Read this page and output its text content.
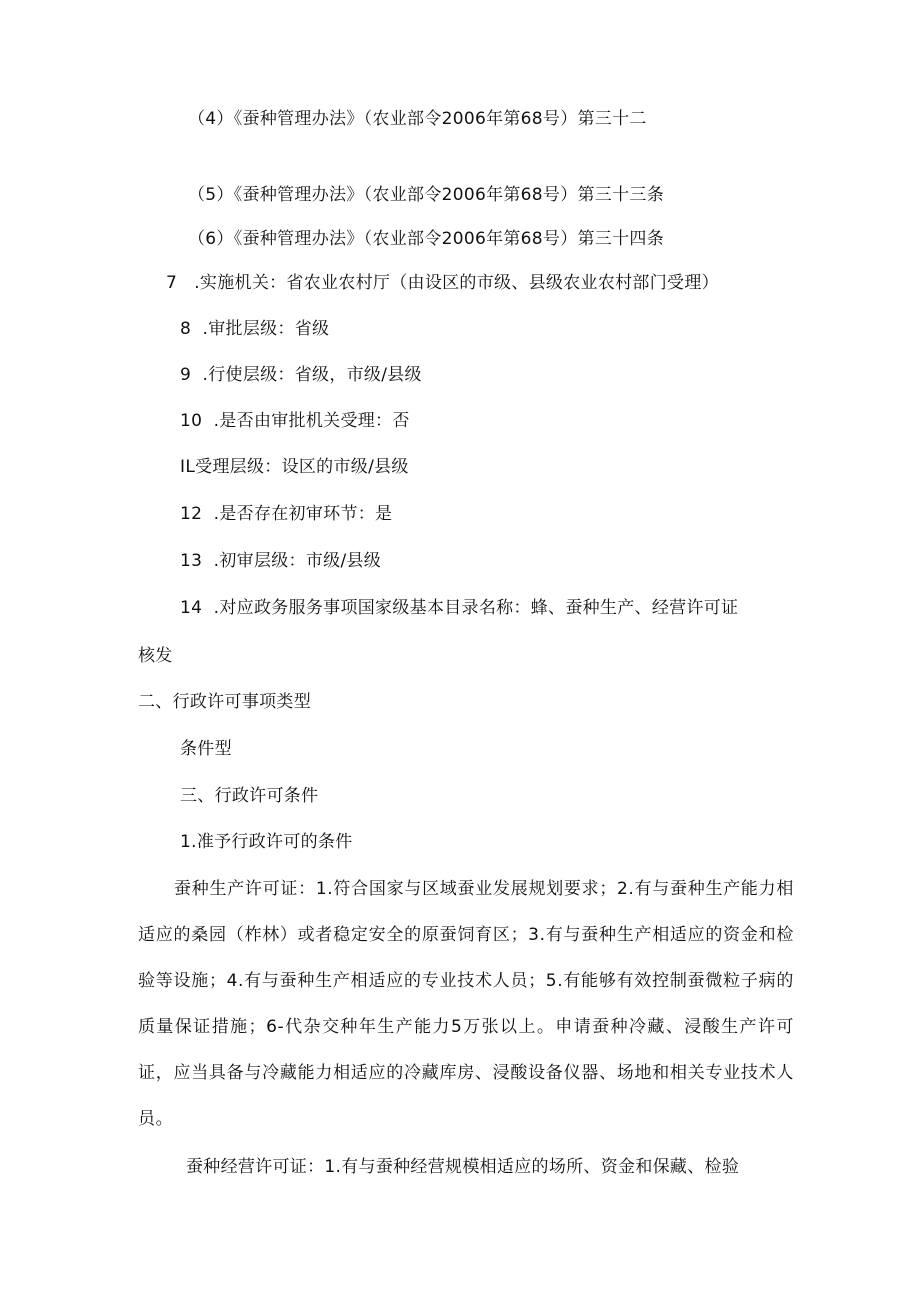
（4）《蚕种管理办法》（农业部令2006年第68号）第三十二
（5）《蚕种管理办法》（农业部令2006年第68号）第三十三条
（6）《蚕种管理办法》（农业部令2006年第68号）第三十四条
7   .实施机关：省农业农村厅（由设区的市级、县级农业农村部门受理）
8  .审批层级：省级
9  .行使层级：省级，市级/县级
10  .是否由审批机关受理：否
IL受理层级：设区的市级/县级
12  .是否存在初审环节：是
13  .初审层级：市级/县级
14  .对应政务服务事项国家级基本目录名称：蜂、蚕种生产、经营许可证
核发
二、行政许可事项类型
条件型
三、行政许可条件
1.准予行政许可的条件
蚕种生产许可证：1.符合国家与区域蚕业发展规划要求；2.有与蚕种生产能力相适应的桑园（柞林）或者稳定安全的原蚕饲育区；3.有与蚕种生产相适应的资金和检验等设施；4.有与蚕种生产相适应的专业技术人员；5.有能够有效控制蚕微粒子病的质量保证措施；6-代杂交种年生产能力5万张以上。申请蚕种冷藏、浸酸生产许可证，应当具备与冷藏能力相适应的冷藏库房、浸酸设备仪器、场地和相关专业技术人员。
蚕种经营许可证：1.有与蚕种经营规模相适应的场所、资金和保藏、检验
